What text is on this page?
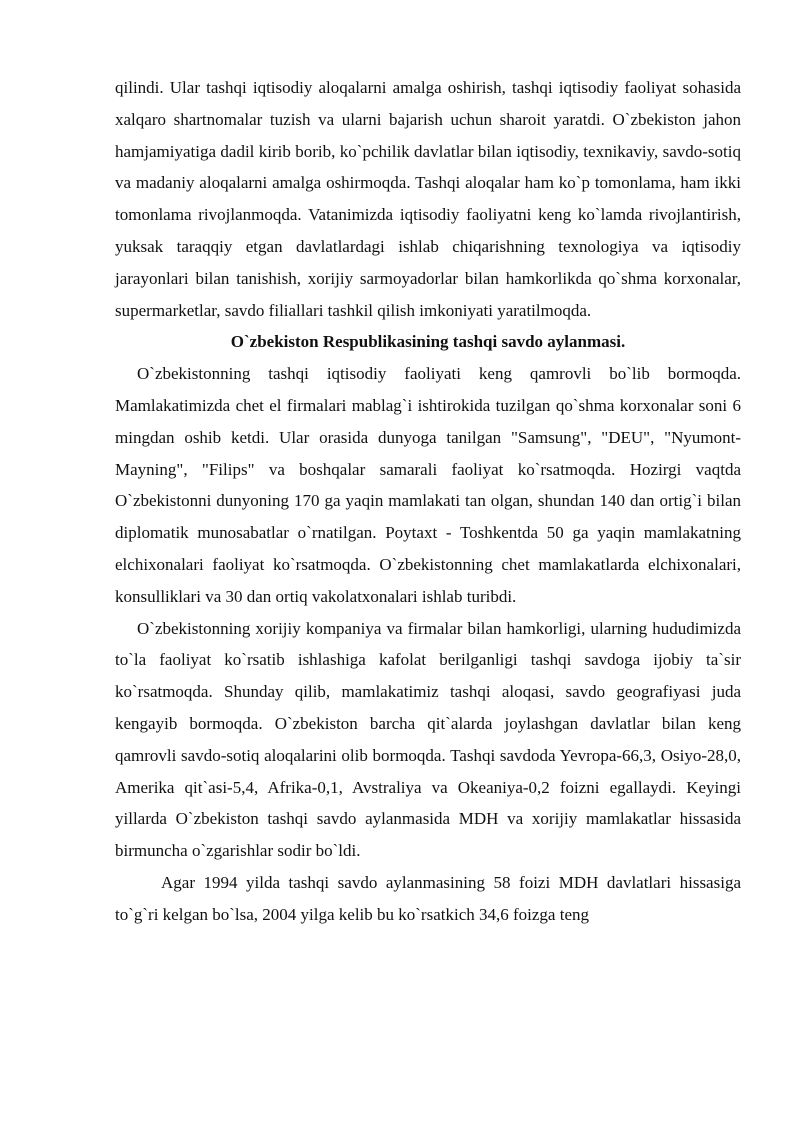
qilindi. Ular tashqi iqtisodiy aloqalarni amalga oshirish, tashqi iqtisodiy faoliyat sohasida xalqaro shartnomalar tuzish va ularni bajarish uchun sharoit yaratdi. O`zbekiston jahon hamjamiyatiga dadil kirib borib, ko`pchilik davlatlar bilan iqtisodiy, texnikaviy, savdo-sotiq va madaniy aloqalarni amalga oshirmoqda. Tashqi aloqalar ham ko`p tomonlama, ham ikki tomonlama rivojlanmoqda. Vatanimizda iqtisodiy faoliyatni keng ko`lamda rivojlantirish, yuksak taraqqiy etgan davlatlardagi ishlab chiqarishning texnologiya va iqtisodiy jarayonlari bilan tanishish, xorijiy sarmoyadorlar bilan hamkorlikda qo`shma korxonalar, supermarketlar, savdo filiallari tashkil qilish imkoniyati yaratilmoqda.

O`zbekiston Respublikasining tashqi savdo aylanmasi.

O`zbekistonning tashqi iqtisodiy faoliyati keng qamrovli bo`lib bormoqda. Mamlakatimizda chet el firmalari mablag`i ishtirokida tuzilgan qo`shma korxonalar soni 6 mingdan oshib ketdi. Ular orasida dunyoga tanilgan "Samsung", "DEU", "Nyumont-Mayning", "Filips" va boshqalar samarali faoliyat ko`rsatmoqda. Hozirgi vaqtda O`zbekistonni dunyoning 170 ga yaqin mamlakati tan olgan, shundan 140 dan ortig`i bilan diplomatik munosabatlar o`rnatilgan. Poytaxt - Toshkentda 50 ga yaqin mamlakatning elchixonalari faoliyat ko`rsatmoqda. O`zbekistonning chet mamlakatlarda elchixonalari, konsulliklari va 30 dan ortiq vakolatxonalari ishlab turibdi.

O`zbekistonning xorijiy kompaniya va firmalar bilan hamkorligi, ularning hududimizda to`la faoliyat ko`rsatib ishlashiga kafolat berilganligi tashqi savdoga ijobiy ta`sir ko`rsatmoqda. Shunday qilib, mamlakatimiz tashqi aloqasi, savdo geografiyasi juda kengayib bormoqda. O`zbekiston barcha qit`alarda joylashgan davlatlar bilan keng qamrovli savdo-sotiq aloqalarini olib bormoqda. Tashqi savdoda Yevropa-66,3, Osiyo-28,0, Amerika qit`asi-5,4, Afrika-0,1, Avstraliya va Okeaniya-0,2 foizni egallaydi. Keyingi yillarda O`zbekiston tashqi savdo aylanmasida MDH va xorijiy mamlakatlar hissasida birmuncha o`zgarishlar sodir bo`ldi.

Agar 1994 yilda tashqi savdo aylanmasining 58 foizi MDH davlatlari hissasiga to`g`ri kelgan bo`lsa, 2004 yilga kelib bu ko`rsatkich 34,6 foizga teng
